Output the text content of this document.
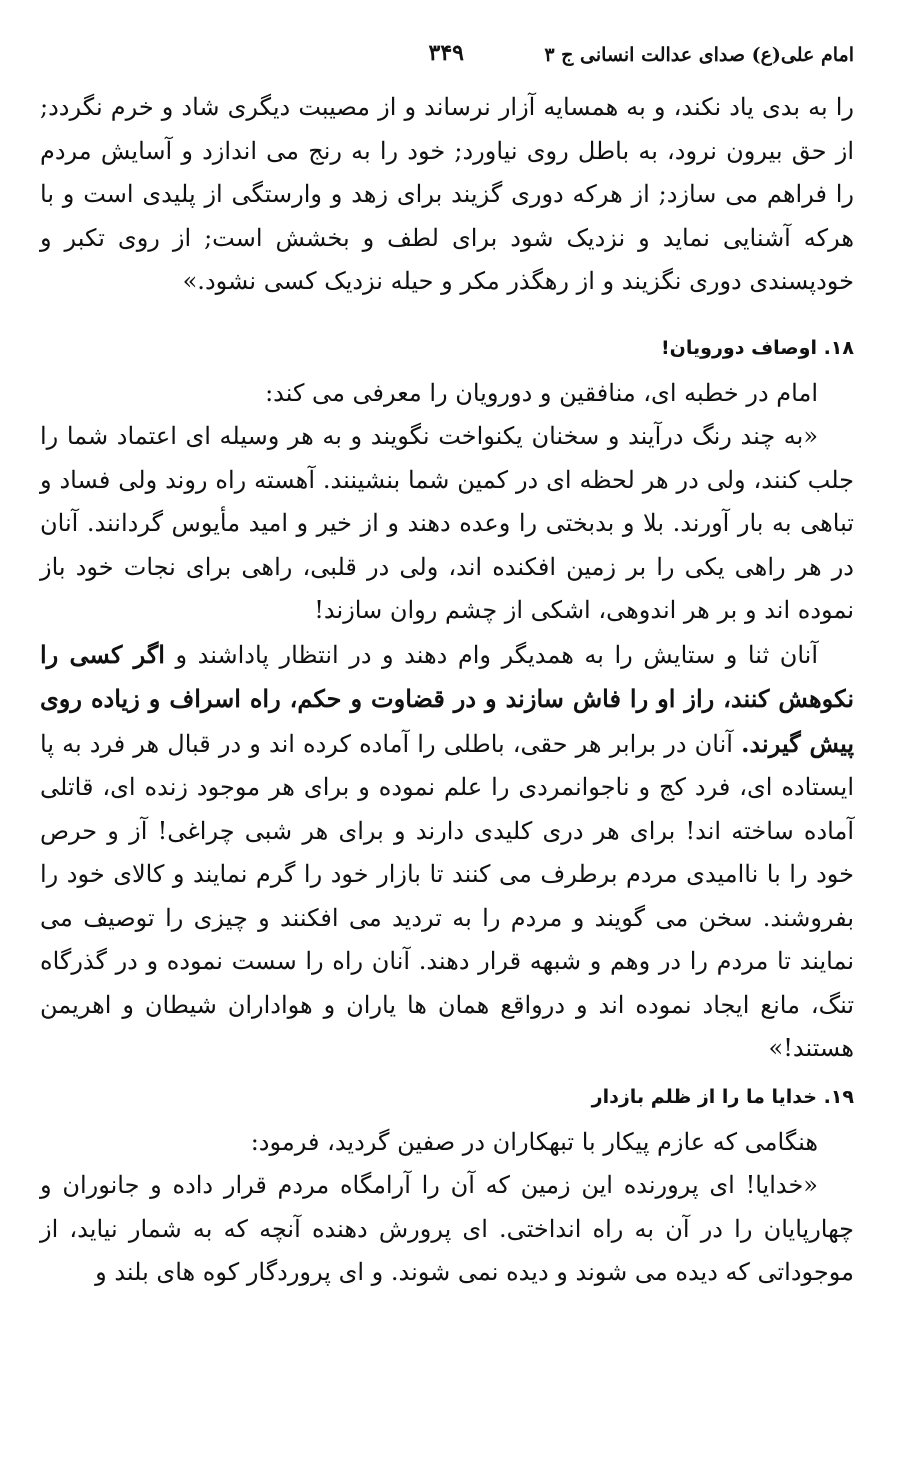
امام علی(ع) صدای عدالت انسانی ج ۳
۳۴۹

را به بدی یاد نکند، و به همسایه آزار نرساند و از مصیبت دیگری شاد و خرم نگردد; از حق بیرون نرود، به باطل روی نیاورد; خود را به رنج می اندازد و آسایش مردم را فراهم می سازد; از هرکه دوری گزیند برای زهد و وارستگی از پلیدی است و با هرکه آشنایی نماید و نزدیک شود برای لطف و بخشش است; از روی تکبر و خودپسندی دوری نگزیند و از رهگذر مکر و حیله نزدیک کسی نشود.»

۱۸. اوصاف دورویان!

امام در خطبه ای، منافقین و دورویان را معرفی می کند:

«به چند رنگ درآیند و سخنان یکنواخت نگویند و به هر وسیله ای اعتماد شما را جلب کنند، ولی در هر لحظه ای در کمین شما بنشینند. آهسته راه روند ولی فساد و تباهی به بار آورند. بلا و بدبختی را وعده دهند و از خیر و امید مأیوس گردانند. آنان در هر راهی یکی را بر زمین افکنده اند، ولی در قلبی، راهی برای نجات خود باز نموده اند و بر هر اندوهی، اشکی از چشم روان سازند!

آنان ثنا و ستایش را به همدیگر وام دهند و در انتظار پاداشند و اگر کسی را نکوهش کنند، راز او را فاش سازند و در قضاوت و حکم، راه اسراف و زیاده روی پیش گیرند. آنان در برابر هر حقی، باطلی را آماده کرده اند و در قبال هر فرد به پا ایستاده ای، فرد کج و ناجوانمردی را علم نموده و برای هر موجود زنده ای، قاتلی آماده ساخته اند! برای هر دری کلیدی دارند و برای هر شبی چراغی! آز و حرص خود را با ناامیدی مردم برطرف می کنند تا بازار خود را گرم نمایند و کالای خود را بفروشند. سخن می گویند و مردم را به تردید می افکنند و چیزی را توصیف می نمایند تا مردم را در وهم و شبهه قرار دهند. آنان راه را سست نموده و در گذرگاه تنگ، مانع ایجاد نموده اند و درواقع همان ها یاران و هواداران شیطان و اهریمن هستند!»

۱۹. خدایا ما را از ظلم بازدار

هنگامی که عازم پیکار با تبهکاران در صفین گردید، فرمود:

«خدایا! ای پرورنده این زمین که آن را آرامگاه مردم قرار داده و جانوران و چهارپایان را در آن به راه انداختی. ای پرورش دهنده آنچه که به شمار نیاید، از موجوداتی که دیده می شوند و دیده نمی شوند. و ای پروردگار کوه های بلند و
